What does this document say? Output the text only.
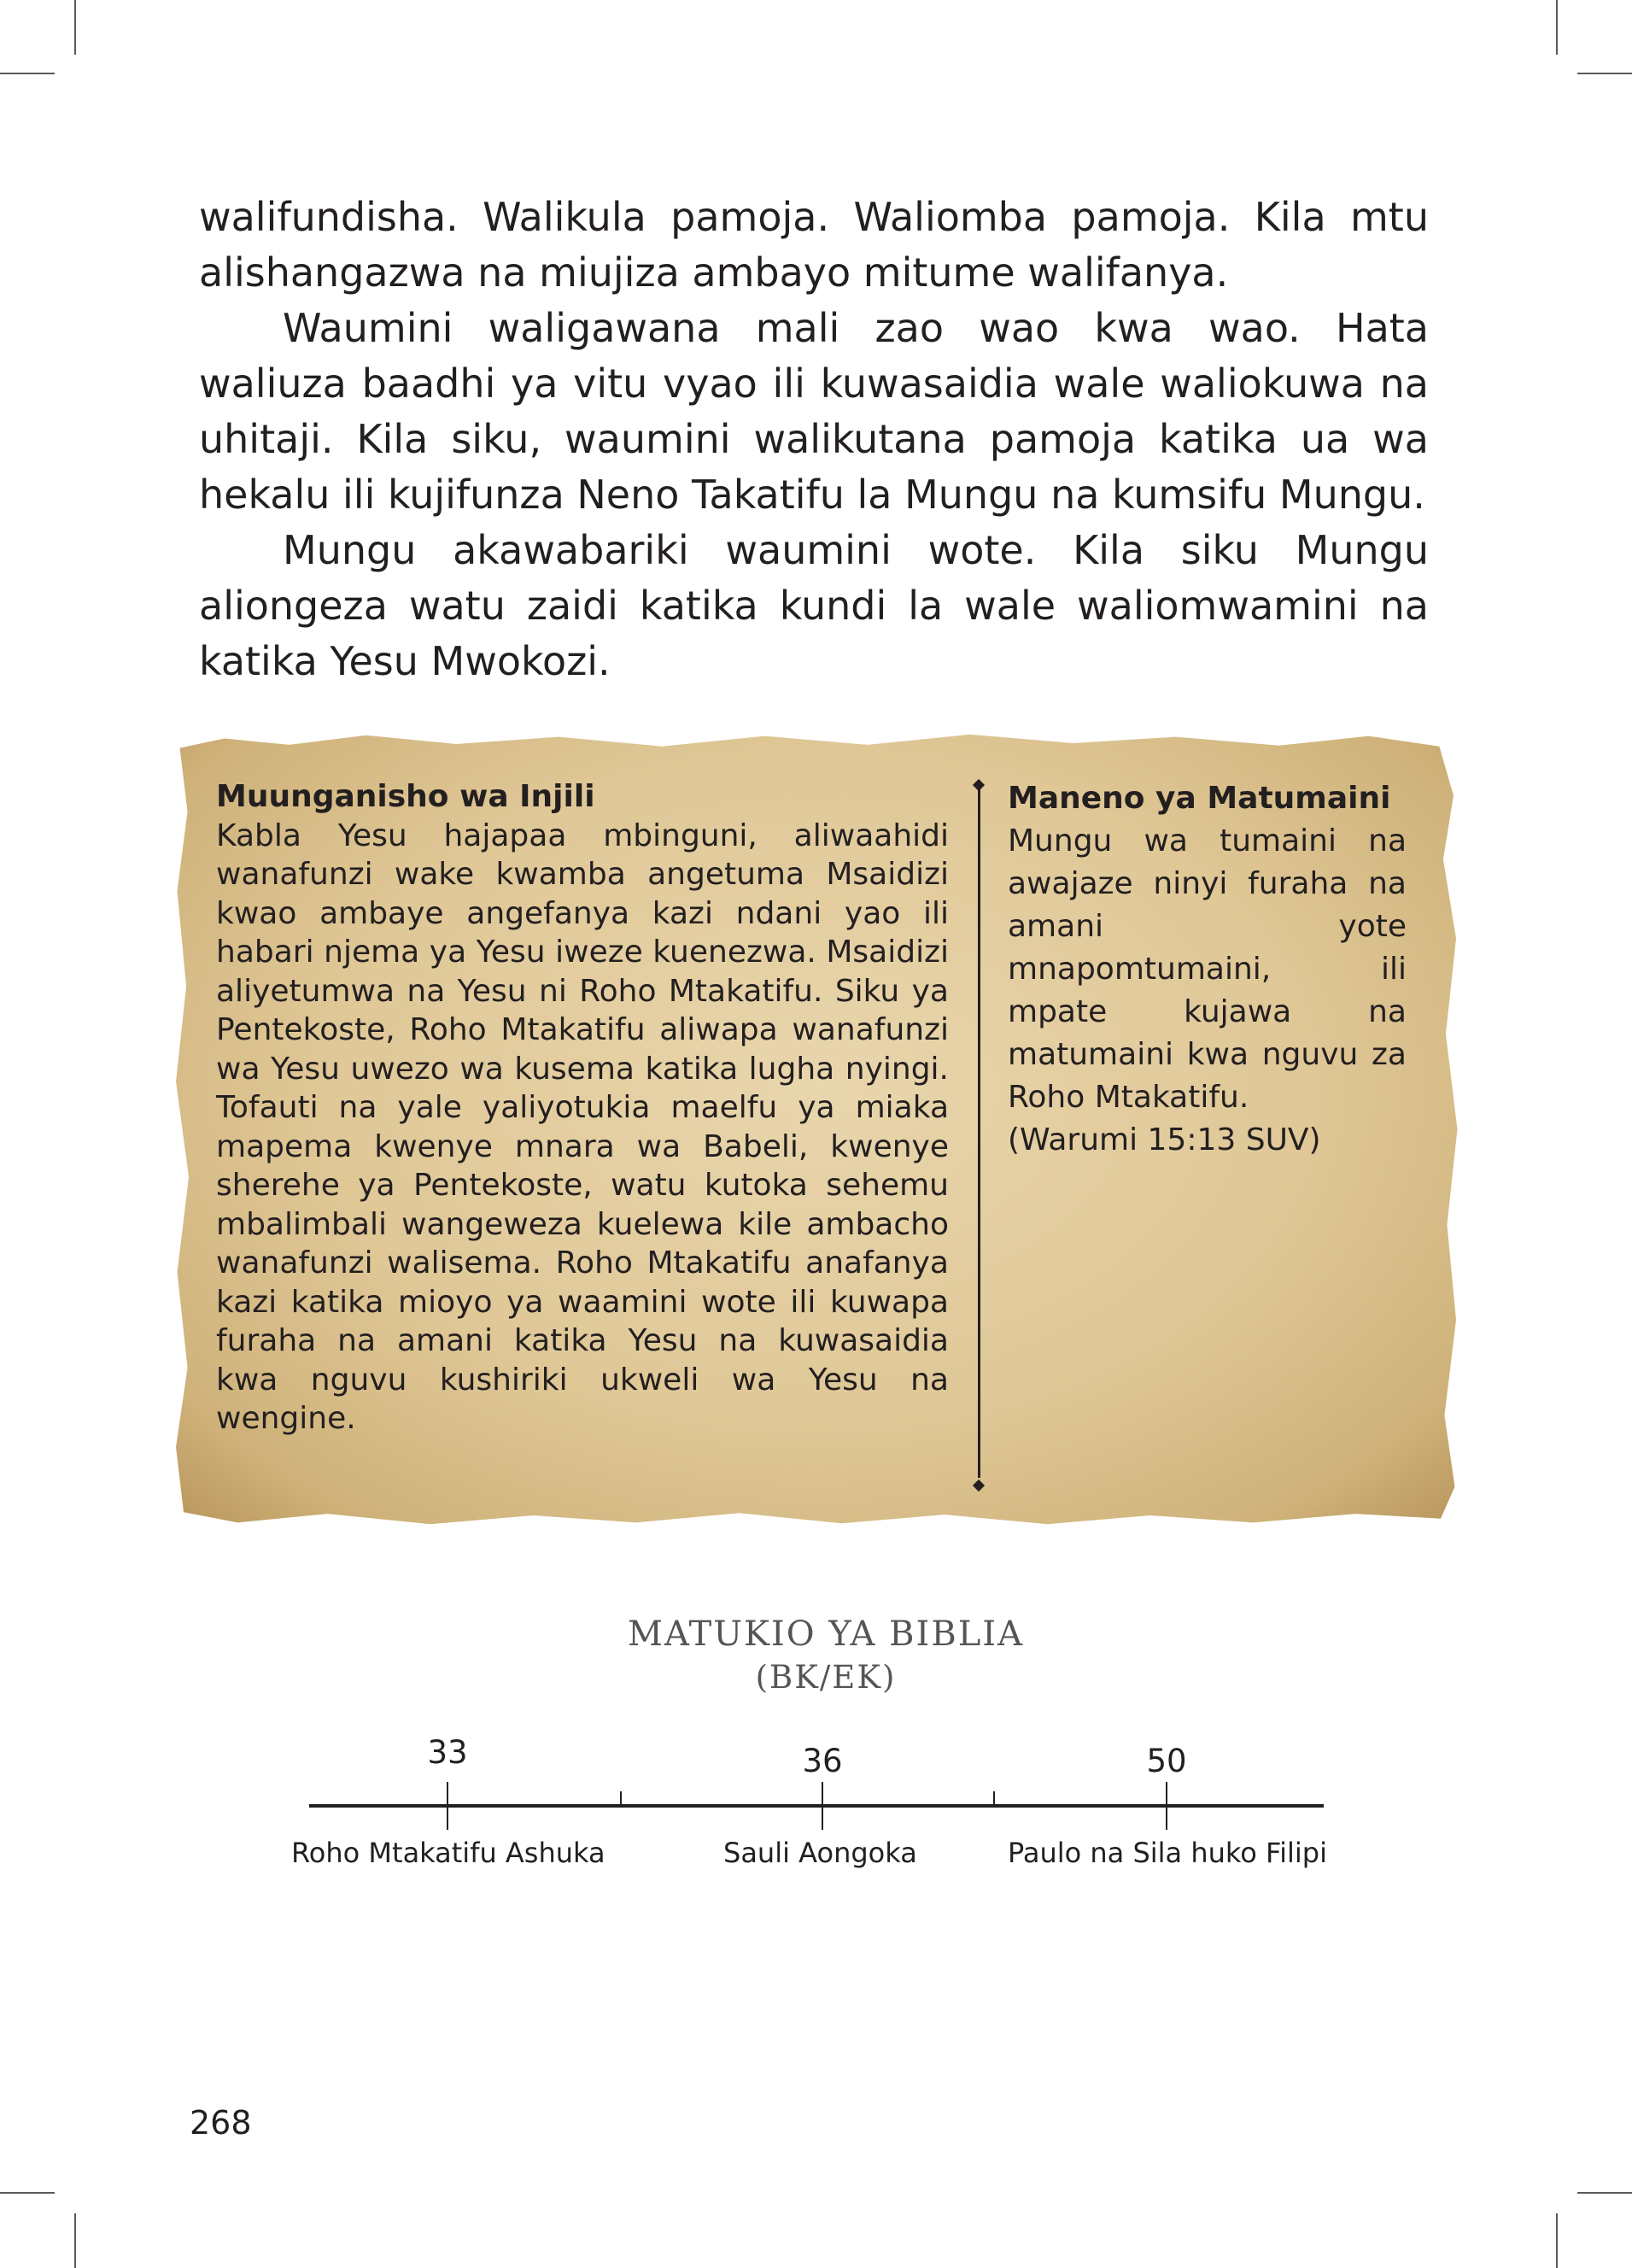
walifundisha. Walikula pamoja. Waliomba pamoja. Kila mtu alishangazwa na miujiza ambayo mitume walifanya.

Waumini waligawana mali zao wao kwa wao. Hata waliuza baadhi ya vitu vyao ili kuwasaidia wale waliokuwa na uhitaji. Kila siku, waumini walikutana pamoja katika ua wa hekalu ili kujifunza Neno Takatifu la Mungu na kumsifu Mungu.

Mungu akawabariki waumini wote. Kila siku Mungu aliongeza watu zaidi katika kundi la wale waliomwamini na katika Yesu Mwokozi.

Muunganisho wa Injili
Kabla Yesu hajapaa mbinguni, aliwaahidi wanafunzi wake kwamba angetuma Msaidizi kwao ambaye angefanya kazi ndani yao ili habari njema ya Yesu iweze kuenezwa. Msaidizi aliyetumwa na Yesu ni Roho Mtakatifu. Siku ya Pentekoste, Roho Mtakatifu aliwapa wanafunzi wa Yesu uwezo wa kusema katika lugha nyingi. Tofauti na yale yaliyotukia maelfu ya miaka mapema kwenye mnara wa Babeli, kwenye sherehe ya Pentekoste, watu kutoka sehemu mbalimbali wangeweza kuelewa kile ambacho wanafunzi walisema. Roho Mtakatifu anafanya kazi katika mioyo ya waamini wote ili kuwapa furaha na amani katika Yesu na kuwasaidia kwa nguvu kushiriki ukweli wa Yesu na wengine.
Maneno ya Matumaini
Mungu wa tumaini na awajaze ninyi furaha na amani yote mnapomtumaini, ili mpate kujawa na matumaini kwa nguvu za Roho Mtakatifu.
(Warumi 15:13 SUV)
MATUKIO YA BIBLIA
(BK/EK)
33	36	50
Roho Mtakatifu Ashuka	Sauli Aongoka	Paulo na Sila huko Filipi
268
